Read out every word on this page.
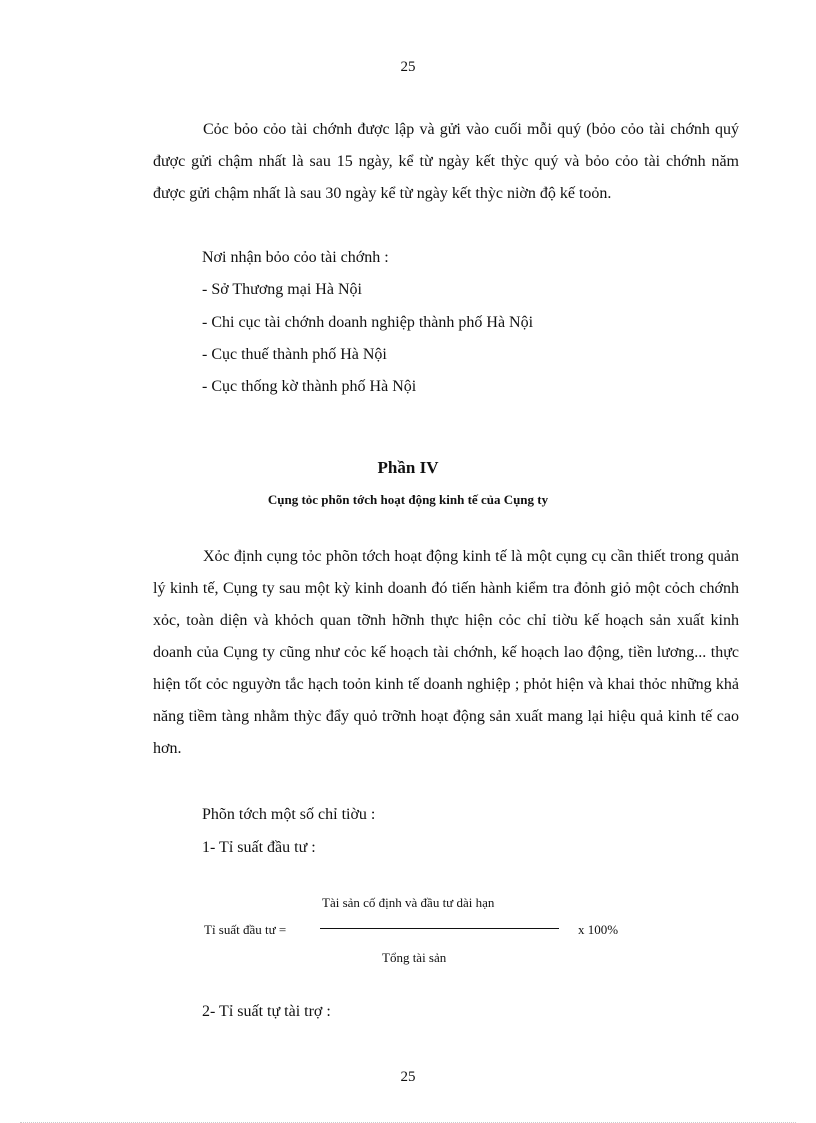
25
Cỏc bỏo cỏo tài chớnh được lập và gửi vào cuối mỗi quý (bỏo cỏo tài chớnh quý được gửi chậm nhất là sau 15 ngày, kể từ ngày kết thỳc quý và bỏo cỏo tài chớnh năm được gửi chậm nhất là sau 30 ngày kể từ ngày kết thỳc niờn độ kế toỏn.
Nơi nhận bỏo cỏo tài chớnh :
- Sở Thương mại Hà Nội
- Chi cục tài chớnh doanh nghiệp thành phố Hà Nội
- Cục thuế thành phố Hà Nội
- Cục thống kờ thành phố Hà Nội
Phần IV
Cụng tỏc phõn tớch hoạt động kinh tế của Cụng ty
Xỏc định cụng tỏc phõn tớch hoạt động kinh tế là một cụng cụ cần thiết trong quản lý kinh tế, Cụng ty sau một kỳ kinh doanh đó tiến hành kiểm tra đỏnh giỏ một cỏch chớnh xỏc, toàn diện và khỏch quan tỡnh hỡnh thực hiện cỏc chỉ tiờu kế hoạch sản xuất kinh doanh của Cụng ty cũng như cỏc kế hoạch tài chớnh, kế hoạch lao động, tiền lương... thực hiện tốt cỏc nguyờn tắc hạch toỏn kinh tế doanh nghiệp ; phỏt hiện và khai thỏc những khả năng tiềm tàng nhằm thỳc đẩy quỏ trỡnh hoạt động sản xuất mang lại hiệu quả kinh tế cao hơn.
Phõn tớch một số chỉ tiờu :
1- Tỉ suất đầu tư :
Tỉ suất đầu tư =
Tài sản cố định và đầu tư dài hạn
Tổng tài sản
x 100%
2- Tỉ suất tự tài trợ :
25
